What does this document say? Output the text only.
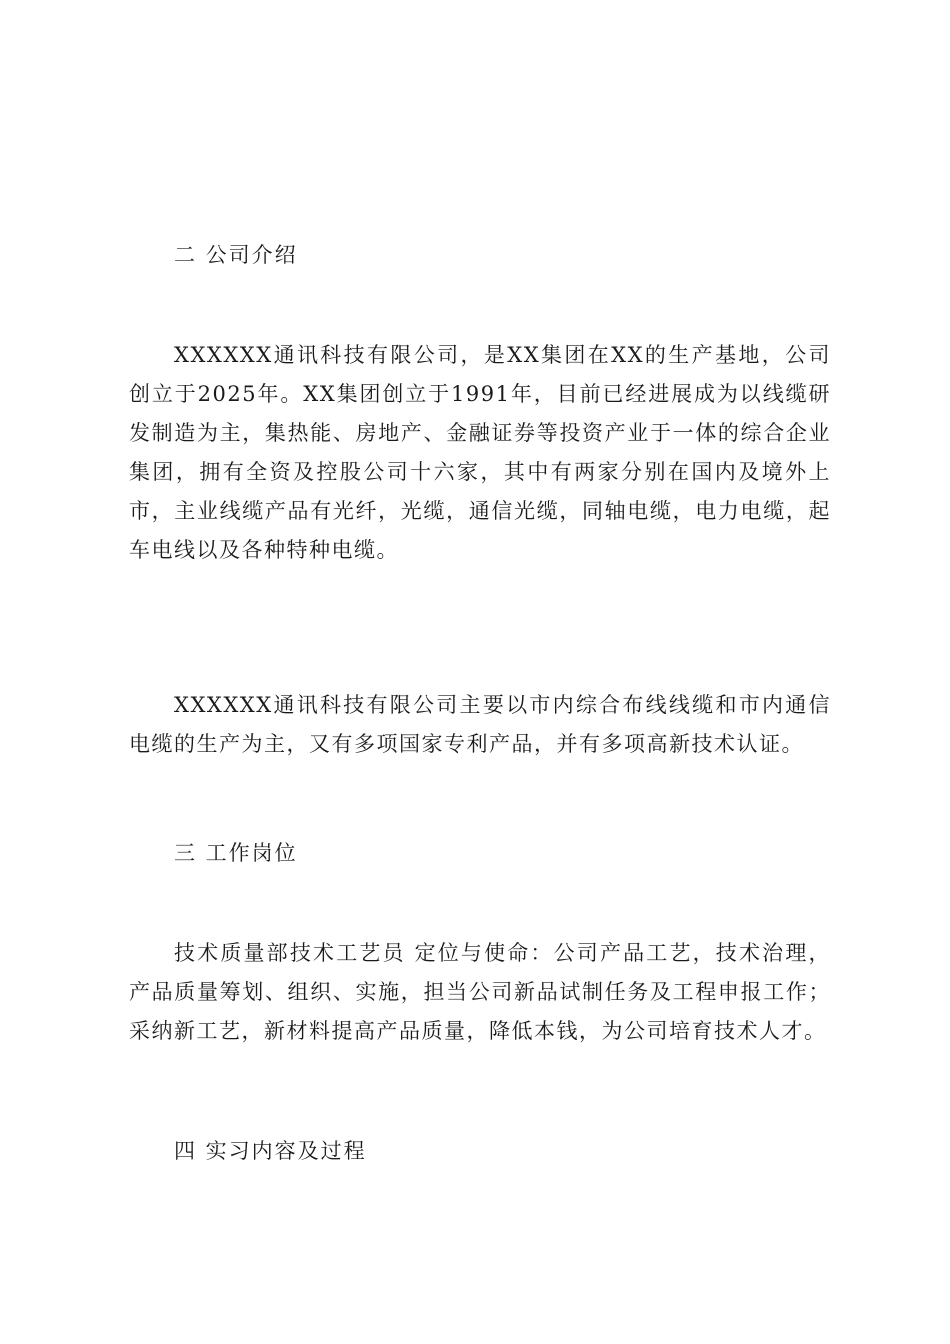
二 公司介绍
XXXXXX通讯科技有限公司，是XX集团在XX的生产基地，公司创立于2025年。XX集团创立于1991年，目前已经进展成为以线缆研发制造为主，集热能、房地产、金融证券等投资产业于一体的综合企业集团，拥有全资及控股公司十六家，其中有两家分别在国内及境外上市，主业线缆产品有光纤，光缆，通信光缆，同轴电缆，电力电缆，起车电线以及各种特种电缆。
XXXXXX通讯科技有限公司主要以市内综合布线线缆和市内通信电缆的生产为主，又有多项国家专利产品，并有多项高新技术认证。
三 工作岗位
技术质量部技术工艺员 定位与使命：公司产品工艺，技术治理，产品质量筹划、组织、实施，担当公司新品试制任务及工程申报工作；采纳新工艺，新材料提高产品质量，降低本钱，为公司培育技术人才。
四 实习内容及过程
